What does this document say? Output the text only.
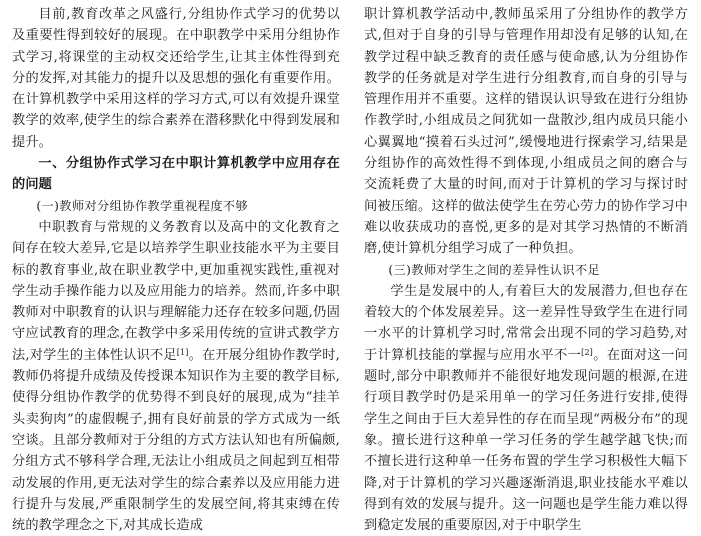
目前,教育改革之风盛行,分组协作式学习的优势以及重要性得到较好的展现。在中职教学中采用分组协作式学习,将课堂的主动权交还给学生,让其主体性得到充分的发挥,对其能力的提升以及思想的强化有重要作用。在计算机教学中采用这样的学习方式,可以有效提升课堂教学的效率,使学生的综合素养在潜移默化中得到发展和提升。

一、分组协作式学习在中职计算机教学中应用存在的问题

(一)教师对分组协作教学重视程度不够

中职教育与常规的义务教育以及高中的文化教育之间存在较大差异,它是以培养学生职业技能水平为主要目标的教育事业,故在职业教学中,更加重视实践性,重视对学生动手操作能力以及应用能力的培养。然而,许多中职教师对中职教育的认识与理解能力还存在较多问题,仍固守应试教育的理念,在教学中多采用传统的宣讲式教学方法,对学生的主体性认识不足[1]。在开展分组协作教学时,教师仍将提升成绩及传授课本知识作为主要的教学目标,使得分组协作教学的优势得不到良好的展现,成为“挂羊头卖狗肉”的虚假幌子,拥有良好前景的学方式成为一纸空谈。且部分教师对于分组的方式方法认知也有所偏颇,分组方式不够科学合理,无法让小组成员之间起到互相带动发展的作用,更无法对学生的综合素养以及应用能力进行提升与发展,严重限制学生的发展空间,将其束缚在传统的教学理念之下,对其成长造成

职计算机教学活动中,教师虽采用了分组协作的教学方式,但对于自身的引导与管理作用却没有足够的认知,在教学过程中缺乏教育的责任感与使命感,认为分组协作教学的任务就是对学生进行分组教育,而自身的引导与管理作用并不重要。这样的错误认识导致在进行分组协作教学时,小组成员之间犹如一盘散沙,组内成员只能小心翼翼地“摸着石头过河”,缓慢地进行探索学习,结果是分组协作的高效性得不到体现,小组成员之间的磨合与交流耗费了大量的时间,而对于计算机的学习与探讨时间被压缩。这样的做法使学生在劳心劳力的协作学习中难以收获成功的喜悦,更多的是对其学习热情的不断消磨,使计算机分组学习成了一种负担。

(三)教师对学生之间的差异性认识不足

学生是发展中的人,有着巨大的发展潜力,但也存在着较大的个体发展差异。这一差异性导致学生在进行同一水平的计算机学习时,常常会出现不同的学习趋势,对于计算机技能的掌握与应用水平不一[2]。在面对这一问题时,部分中职教师并不能很好地发现问题的根源,在进行项目教学时仍是采用单一的学习任务进行安排,使得学生之间由于巨大差异性的存在而呈现“两极分布”的现象。擅长进行这种单一学习任务的学生越学越飞快;而不擅长进行这种单一任务布置的学生学习积极性大幅下降,对于计算机的学习兴趣逐渐消退,职业技能水平难以得到有效的发展与提升。这一问题也是学生能力难以得到稳定发展的重要原因,对于中职学生
